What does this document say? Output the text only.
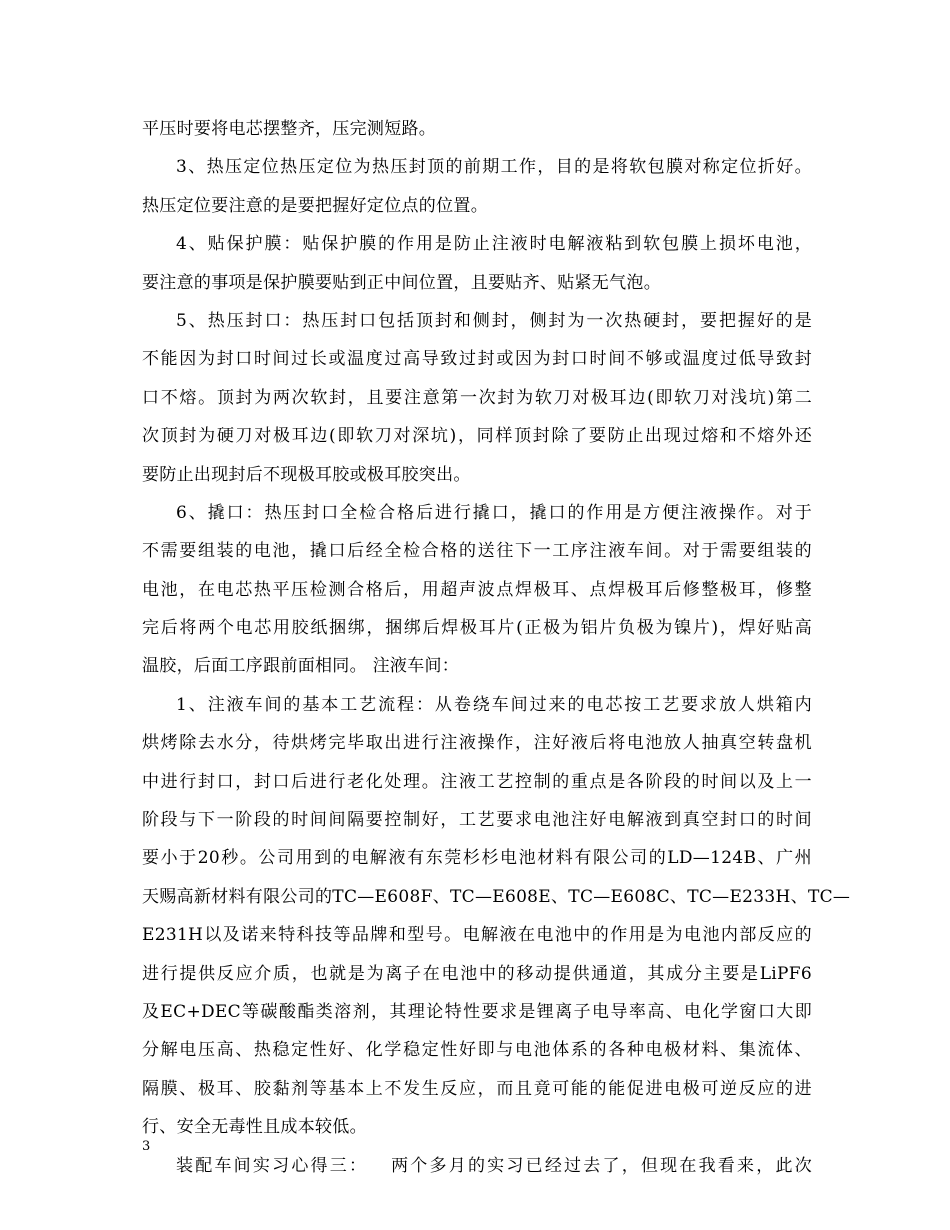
平压时要将电芯摆整齐，压完测短路。
3、热压定位热压定位为热压封顶的前期工作，目的是将软包膜对称定位折好。
热压定位要注意的是要把握好定位点的位置。
4、贴保护膜：贴保护膜的作用是防止注液时电解液粘到软包膜上损坏电池，
要注意的事项是保护膜要贴到正中间位置，且要贴齐、贴紧无气泡。
5、热压封口：热压封口包括顶封和侧封，侧封为一次热硬封，要把握好的是
不能因为封口时间过长或温度过高导致过封或因为封口时间不够或温度过低导致封
口不熔。顶封为两次软封，且要注意第一次封为软刀对极耳边(即软刀对浅坑)第二
次顶封为硬刀对极耳边(即软刀对深坑)，同样顶封除了要防止出现过熔和不熔外还
要防止出现封后不现极耳胶或极耳胶突出。
6、撬口：热压封口全检合格后进行撬口，撬口的作用是方便注液操作。对于
不需要组装的电池，撬口后经全检合格的送往下一工序注液车间。对于需要组装的
电池，在电芯热平压检测合格后，用超声波点焊极耳、点焊极耳后修整极耳，修整
完后将两个电芯用胶纸捆绑，捆绑后焊极耳片(正极为铝片负极为镍片)，焊好贴高
温胶，后面工序跟前面相同。 注液车间：
1、注液车间的基本工艺流程：从卷绕车间过来的电芯按工艺要求放人烘箱内
烘烤除去水分，待烘烤完毕取出进行注液操作，注好液后将电池放人抽真空转盘机
中进行封口，封口后进行老化处理。注液工艺控制的重点是各阶段的时间以及上一
阶段与下一阶段的时间间隔要控制好，工艺要求电池注好电解液到真空封口的时间
要小于20秒。公司用到的电解液有东莞杉杉电池材料有限公司的LD—124B、广州
天赐高新材料有限公司的TC—E608F、TC—E608E、TC—E608C、TC—E233H、TC—
E231H以及诺来特科技等品牌和型号。电解液在电池中的作用是为电池内部反应的
进行提供反应介质，也就是为离子在电池中的移动提供通道，其成分主要是LiPF6
及EC+DEC等碳酸酯类溶剂，其理论特性要求是锂离子电导率高、电化学窗口大即
分解电压高、热稳定性好、化学稳定性好即与电池体系的各种电极材料、集流体、
隔膜、极耳、胶黏剂等基本上不发生反应，而且竟可能的能促进电极可逆反应的进
行、安全无毒性且成本较低。
装配车间实习心得三：   两个多月的实习已经过去了，但现在我看来，此次
3
